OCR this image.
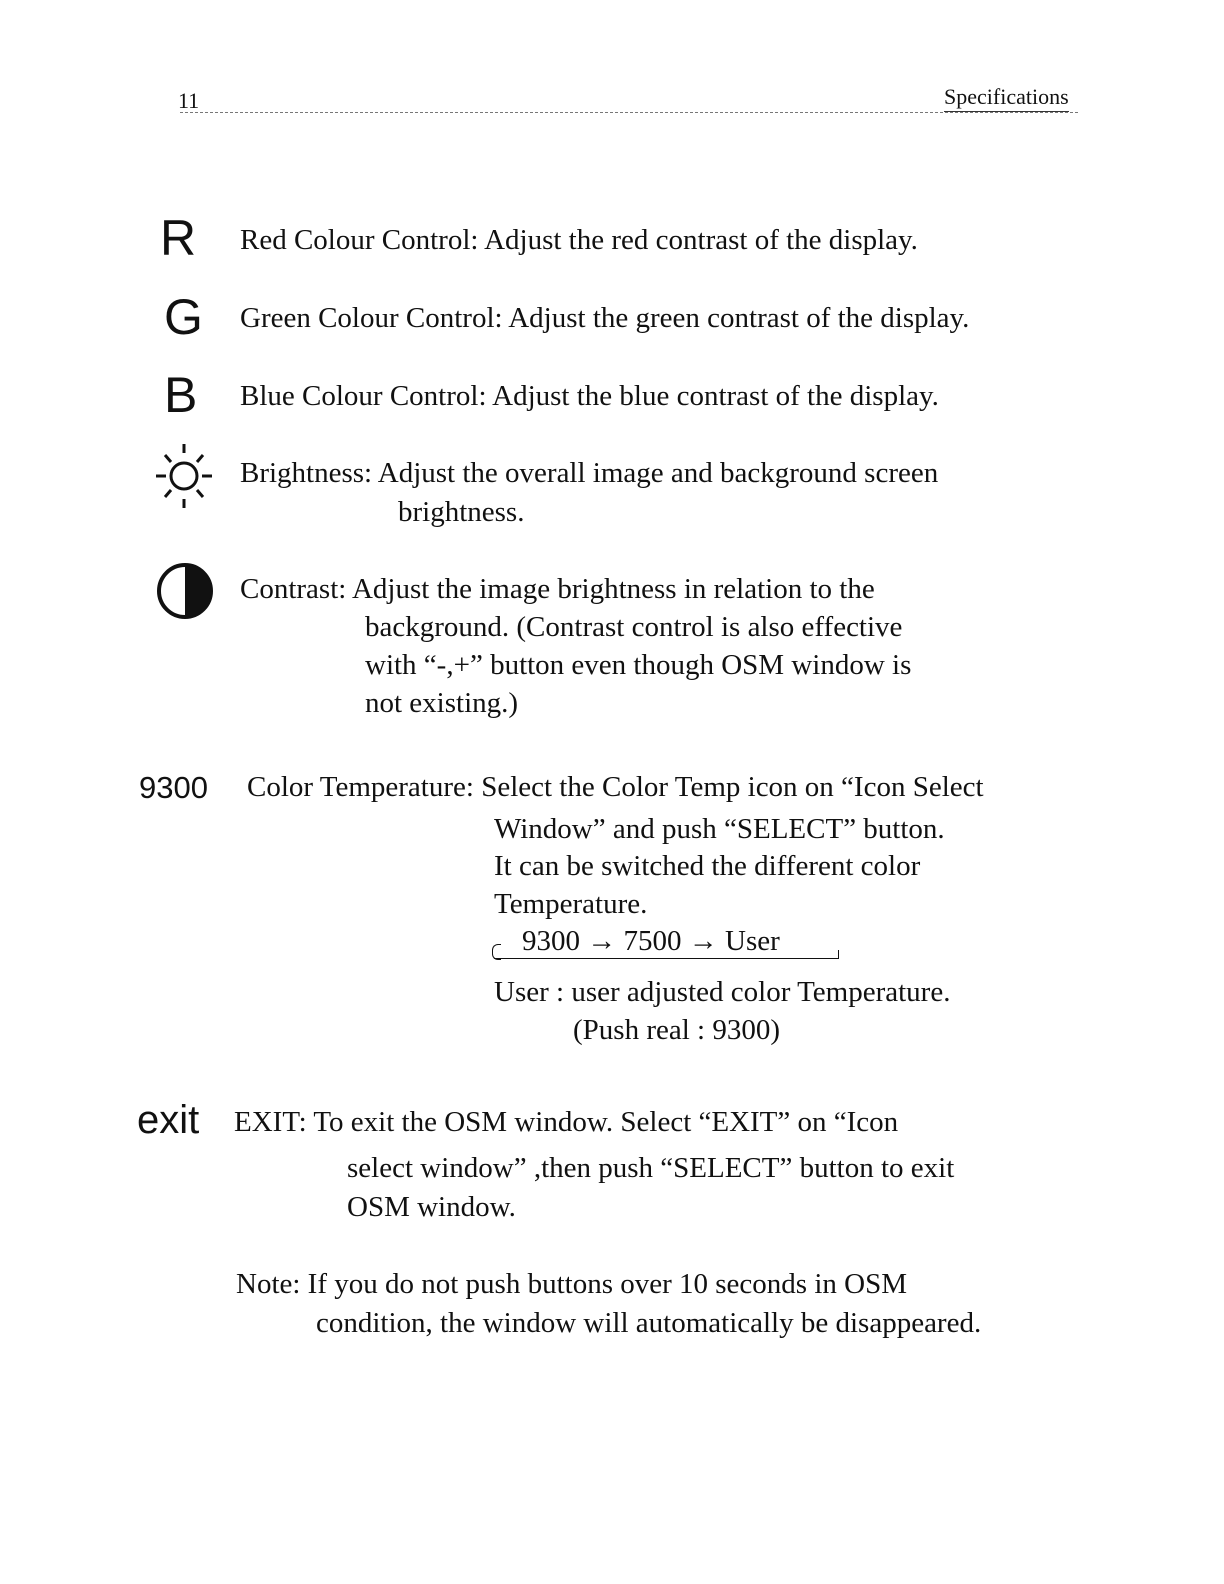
11	Specifications
R Red Colour Control: Adjust the red contrast of the display.
G Green Colour Control: Adjust the green contrast of the display.
B Blue Colour Control: Adjust the blue contrast of the display.
Brightness: Adjust the overall image and background screen
brightness.
Contrast: Adjust the image brightness in relation to the
background. (Contrast control is also effective
with “-,+” button even though OSM window is
not existing.)
9300 Color Temperature: Select the Color Temp icon on “Icon Select
Window” and push “SELECT” button.
It can be switched the different color
Temperature.
9300 → 7500 → User
User : user adjusted color Temperature.
(Push real : 9300)
exit EXIT: To exit the OSM window. Select “EXIT” on “Icon
select window” ,then push “SELECT” button to exit
OSM window.
Note: If you do not push buttons over 10 seconds in OSM
condition, the window will automatically be disappeared.
